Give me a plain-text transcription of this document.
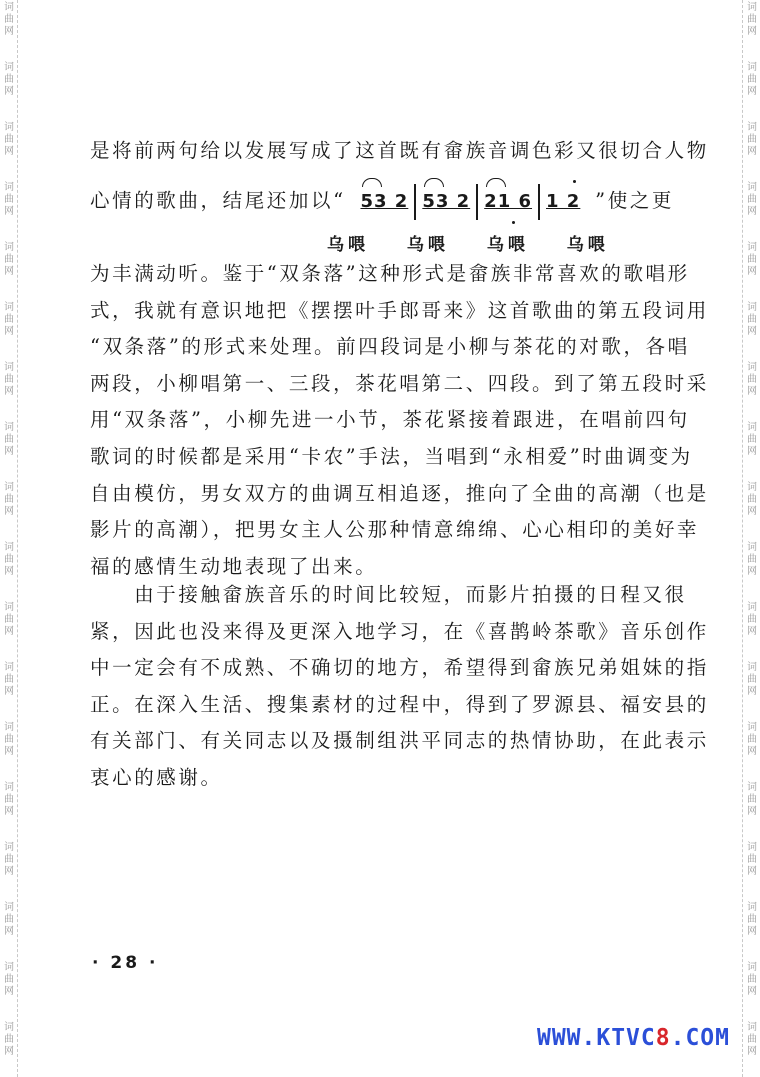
词
曲
网
词
曲
网
词
曲
网
词
曲
网
词
曲
网
词
曲
网
词
曲
网
词
曲
网
词
曲
网
词
曲
网
词
曲
网
词
曲
网
词
曲
网
词
曲
网
词
曲
网
词
曲
网
词
曲
网
词
曲
网
词
曲
网
词
曲
网
词
曲
网
词
曲
网
词
曲
网
词
曲
网
词
曲
网
词
曲
网
词
曲
网
词
曲
网
词
曲
网
词
曲
网
词
曲
网
词
曲
网
词
曲
网
词
曲
网
词
曲
网
词
曲
网
是将前两句给以发展写成了这首既有畲族音调色彩又很切合人物
心情的歌曲，结尾还加以“ 53 2 53 2 21 6 1 2 ”使之更
乌喂 乌喂 乌喂 乌喂
为丰满动听。鉴于“双条落”这种形式是畲族非常喜欢的歌唱形
式，我就有意识地把《摆摆叶手郎哥来》这首歌曲的第五段词用
“双条落”的形式来处理。前四段词是小柳与茶花的对歌，各唱
两段，小柳唱第一、三段，茶花唱第二、四段。到了第五段时采
用“双条落”，小柳先进一小节，茶花紧接着跟进，在唱前四句
歌词的时候都是采用“卡农”手法，当唱到“永相爱”时曲调变为
自由模仿，男女双方的曲调互相追逐，推向了全曲的高潮（也是
影片的高潮），把男女主人公那种情意绵绵、心心相印的美好幸
福的感情生动地表现了出来。
　　由于接触畲族音乐的时间比较短，而影片拍摄的日程又很
紧，因此也没来得及更深入地学习，在《喜鹊岭茶歌》音乐创作
中一定会有不成熟、不确切的地方，希望得到畲族兄弟姐妹的指
正。在深入生活、搜集素材的过程中，得到了罗源县、福安县的
有关部门、有关同志以及摄制组洪平同志的热情协助，在此表示
衷心的感谢。
· 28 ·
WWW.KTVC8.COM
